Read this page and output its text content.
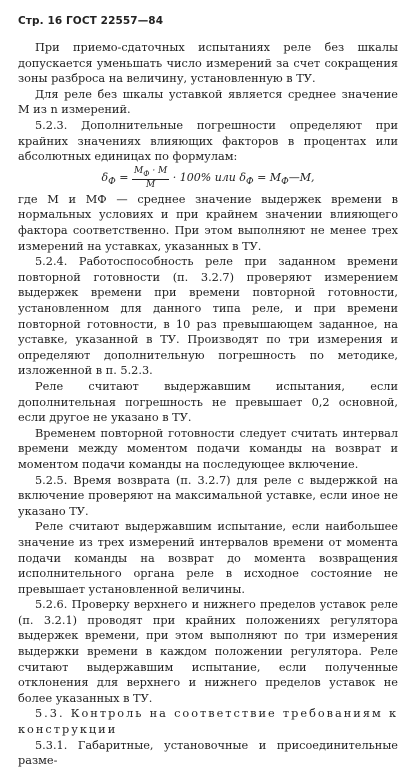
Стр. 16 ГОСТ 22557—84

При приемо-сдаточных испытаниях реле без шкалы допускается уменьшать число измерений за счет сокращения зоны разброса на величину, установленную в ТУ.

Для реле без шкалы уставкой является среднее значение M из n измерений.

5.2.3. Дополнительные погрешности определяют при крайних значениях влияющих факторов в процентах или абсолютных единицах по формулам:

$\delta_Ф = \frac{M_Ф \cdot M}{M} \cdot 100\%$ или $\delta_Ф$ = $M_Ф—M$,

где M и MФ — среднее значение выдержек времени в нормальных условиях и при крайнем значении влияющего фактора соответственно. При этом выполняют не менее трех измерений на уставках, указанных в ТУ.

5.2.4. Работоспособность реле при заданном времени повторной готовности (п. 3.2.7) проверяют измерением выдержек времени при времени повторной готовности, установленном для данного типа реле, и при времени повторной готовности, в 10 раз превышающем заданное, на уставке, указанной в ТУ. Производят по три измерения и определяют дополнительную погрешность по методике, изложенной в п. 5.2.3.

Реле считают выдержавшим испытания, если дополнительная погрешность не превышает 0,2 основной, если другое не указано в ТУ.

Временем повторной готовности следует считать интервал времени между моментом подачи команды на возврат и моментом подачи команды на последующее включение.

5.2.5. Время возврата (п. 3.2.7) для реле с выдержкой на включение проверяют на максимальной уставке, если иное не указано ТУ.

Реле считают выдержавшим испытание, если наибольшее значение из трех измерений интервалов времени от момента подачи команды на возврат до момента возвращения исполнительного органа реле в исходное состояние не превышает установленной величины.

5.2.6. Проверку верхнего и нижнего пределов уставок реле (п. 3.2.1) проводят при крайних положениях регулятора выдержек времени, при этом выполняют по три измерения выдержки времени в каждом положении регулятора. Реле считают выдержавшим испытание, если полученные отклонения для верхнего и нижнего пределов уставок не более указанных в ТУ.

5.3. Контроль на соответствие требованиям к конструкции

5.3.1. Габаритные, установочные и присоединительные разме-
